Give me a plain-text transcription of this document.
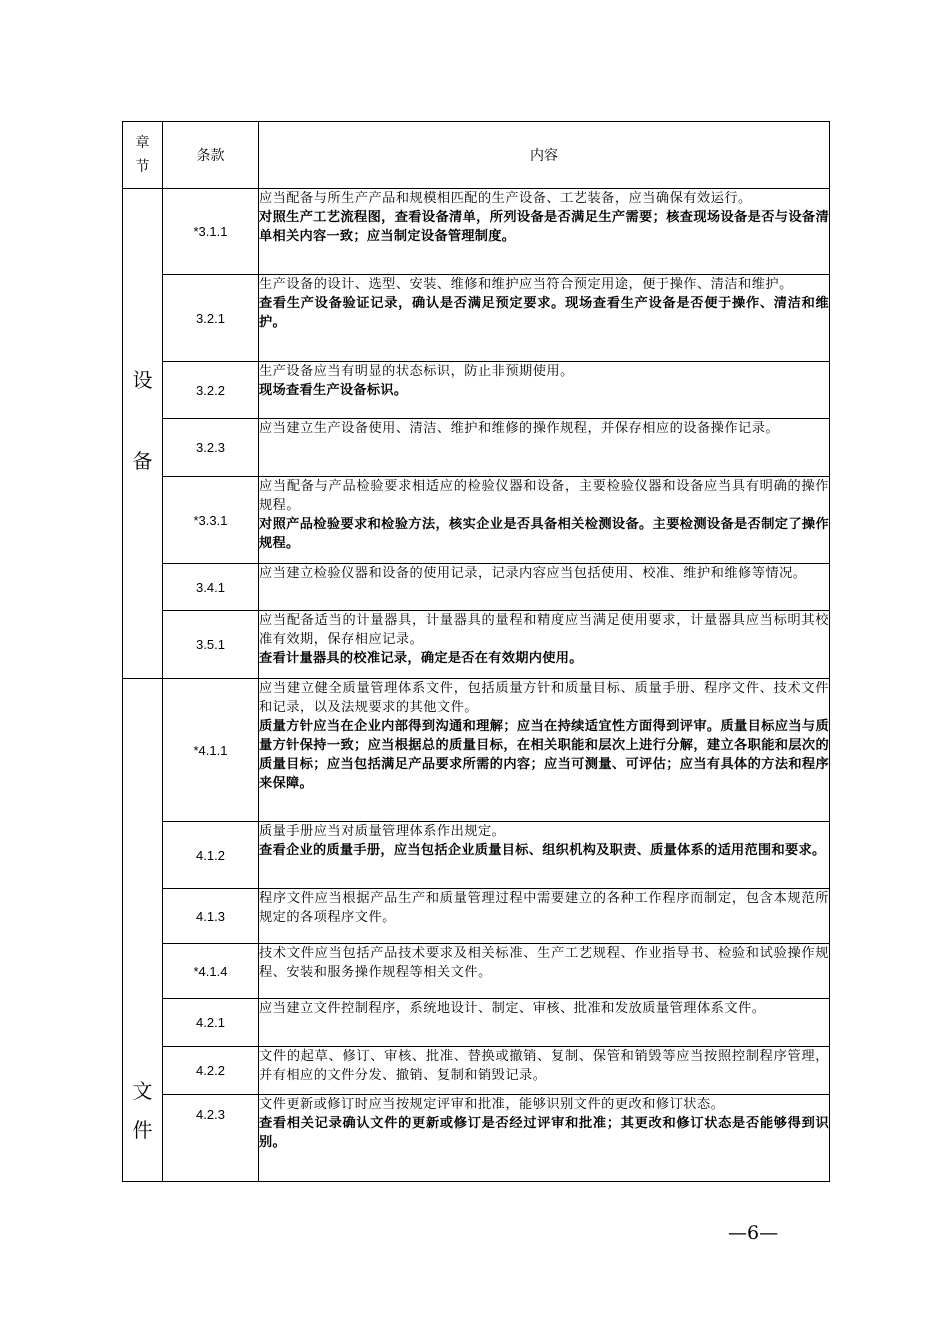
章
节	条款	内容

设
备	*3.1.1	应当配备与所生产产品和规模相匹配的生产设备、工艺装备，应当确保有效运行。
对照生产工艺流程图，查看设备清单，所列设备是否满足生产需要；核查现场设备是否与设备清单相关内容一致；应当制定设备管理制度。

	3.2.1	生产设备的设计、选型、安装、维修和维护应当符合预定用途，便于操作、清洁和维护。
查看生产设备验证记录，确认是否满足预定要求。现场查看生产设备是否便于操作、清洁和维护。

	3.2.2	生产设备应当有明显的状态标识，防止非预期使用。
现场查看生产设备标识。

	3.2.3	应当建立生产设备使用、清洁、维护和维修的操作规程，并保存相应的设备操作记录。

	*3.3.1	应当配备与产品检验要求相适应的检验仪器和设备，主要检验仪器和设备应当具有明确的操作规程。
对照产品检验要求和检验方法，核实企业是否具备相关检测设备。主要检测设备是否制定了操作规程。

	3.4.1	应当建立检验仪器和设备的使用记录，记录内容应当包括使用、校准、维护和维修等情况。

	3.5.1	应当配备适当的计量器具，计量器具的量程和精度应当满足使用要求，计量器具应当标明其校准有效期，保存相应记录。
查看计量器具的校准记录，确定是否在有效期内使用。

文
件	*4.1.1	应当建立健全质量管理体系文件，包括质量方针和质量目标、质量手册、程序文件、技术文件和记录，以及法规要求的其他文件。
质量方针应当在企业内部得到沟通和理解；应当在持续适宜性方面得到评审。质量目标应当与质量方针保持一致；应当根据总的质量目标，在相关职能和层次上进行分解，建立各职能和层次的质量目标；应当包括满足产品要求所需的内容；应当可测量、可评估；应当有具体的方法和程序来保障。

	4.1.2	质量手册应当对质量管理体系作出规定。
查看企业的质量手册，应当包括企业质量目标、组织机构及职责、质量体系的适用范围和要求。

	4.1.3	程序文件应当根据产品生产和质量管理过程中需要建立的各种工作程序而制定，包含本规范所规定的各项程序文件。

	*4.1.4	技术文件应当包括产品技术要求及相关标准、生产工艺规程、作业指导书、检验和试验操作规程、安装和服务操作规程等相关文件。

	4.2.1	应当建立文件控制程序，系统地设计、制定、审核、批准和发放质量管理体系文件。

	4.2.2	文件的起草、修订、审核、批准、替换或撤销、复制、保管和销毁等应当按照控制程序管理，并有相应的文件分发、撤销、复制和销毁记录。

	4.2.3	文件更新或修订时应当按规定评审和批准，能够识别文件的更改和修订状态。
查看相关记录确认文件的更新或修订是否经过评审和批准；其更改和修订状态是否能够得到识别。
—6—
